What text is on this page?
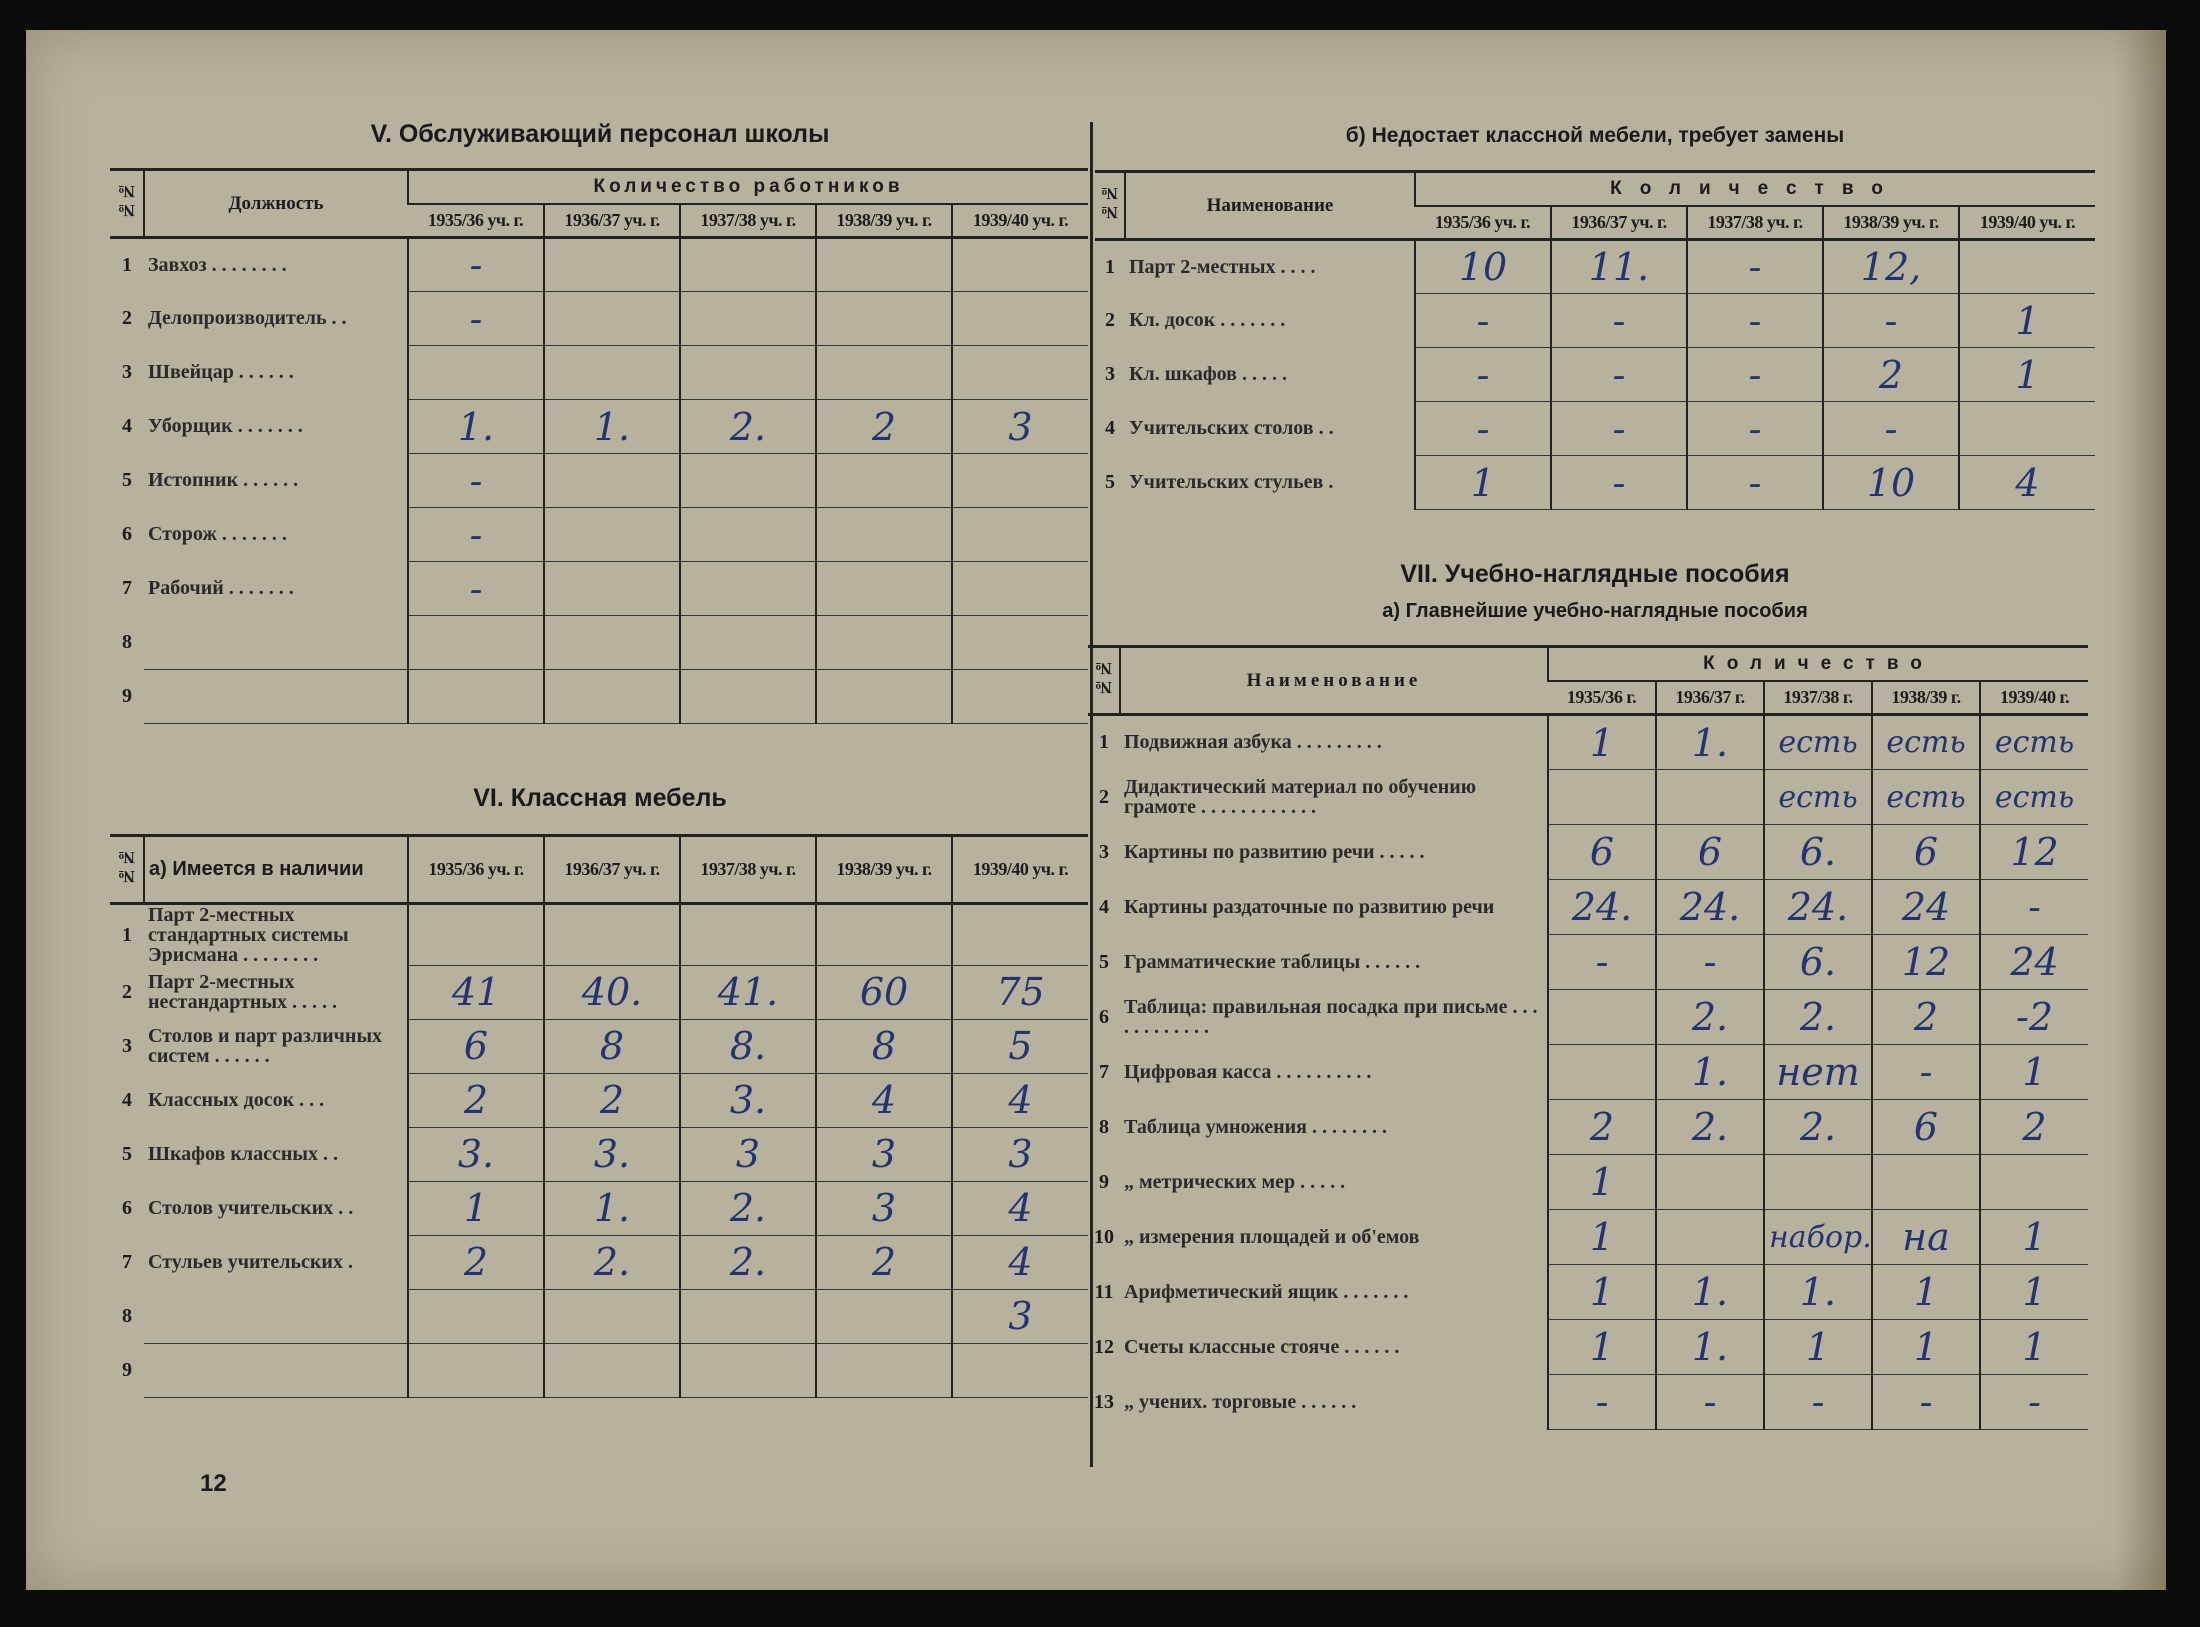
V. Обслуживающий персонал школы
№№	Должность	Количество работников				
		1935/36 уч. г.	1936/37 уч. г.	1937/38 уч. г.	1938/39 уч. г.	1939/40 уч. г.
1	Завхоз . . . . . . . .	-				
2	Делопроизводитель . .	-				
3	Швейцар . . . . . .					
4	Уборщик . . . . . . .	1.	1.	2.	2	3
5	Истопник . . . . . .	-				
6	Сторож . . . . . . .	-				
7	Рабочий . . . . . . .	-				
8						
9						
VI. Классная мебель
№№	а) Имеется в наличии	1935/36 уч. г.	1936/37 уч. г.	1937/38 уч. г.	1938/39 уч. г.	1939/40 уч. г.
1	Парт 2-местных стандартных системы Эрисмана . . . . . . . .					
2	Парт 2-местных нестандартных . . . . .	41	40.	41.	60	75
3	Столов и парт различных систем . . . . . .	6	8	8.	8	5
4	Классных досок . . .	2	2	3.	4	4
5	Шкафов классных . .	3.	3.	3	3	3
6	Столов учительских . .	1	1.	2.	3	4
7	Стульев учительских .	2	2.	2.	2	4
8						3
9						
б) Недостает классной мебели, требует замены
№№	Наименование	Количество				
		1935/36 уч. г.	1936/37 уч. г.	1937/38 уч. г.	1938/39 уч. г.	1939/40 уч. г.
1	Парт 2-местных . . . .	10	11.	-	12,	
2	Кл. досок . . . . . . .	-	-	-	-	1
3	Кл. шкафов . . . . .	-	-	-	2	1
4	Учительских столов . .	-	-	-	-	
5	Учительских стульев .	1	-	-	10	4
VII. Учебно-наглядные пособия
а) Главнейшие учебно-наглядные пособия
№№	Наименование	Количество				
		1935/36 г.	1936/37 г.	1937/38 г.	1938/39 г.	1939/40 г.
1	Подвижная азбука . . . . . . . . .	1	1.	есть	есть	есть
2	Дидактический материал по обучению грамоте . . . . . . . . . . . .			есть	есть	есть
3	Картины по развитию речи . . . . .	6	6	6.	6	12
4	Картины раздаточные по развитию речи	24.	24.	24.	24	-
5	Грамматические таблицы . . . . . .	-	-	6.	12	24
6	Таблица: правильная посадка при письме . . . . . . . . . . . .		2.	2.	2	-2
7	Цифровая касса . . . . . . . . . .		1.	нет	-	1
8	Таблица умножения . . . . . . . .	2	2.	2.	6	2
9	„ метрических мер . . . . .	1				
10	„ измерения площадей и об'емов	1		набор.	на	1
11	Арифметический ящик . . . . . . .	1	1.	1.	1	1
12	Счеты классные стояче . . . . . .	1	1.	1	1	1
13	„ учених. торговые . . . . . .	-	-	-	-	-
12
